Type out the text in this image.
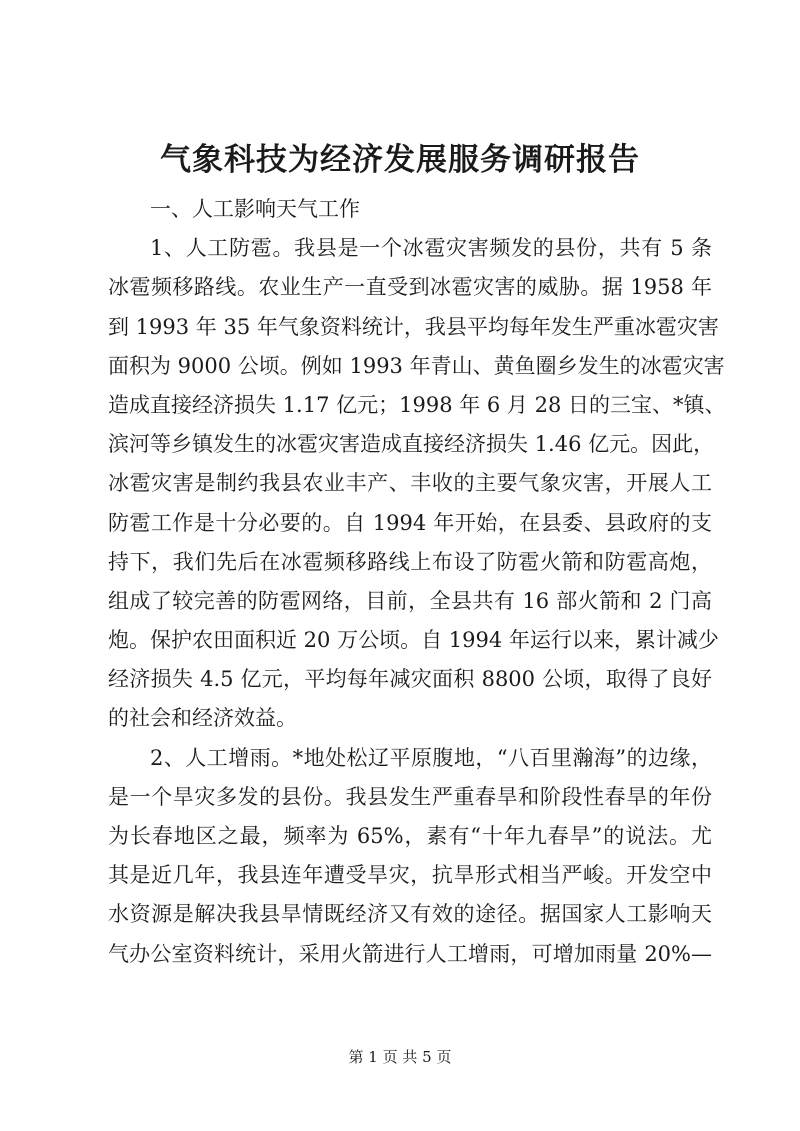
气象科技为经济发展服务调研报告
一、人工影响天气工作
1、人工防雹。我县是一个冰雹灾害频发的县份，共有 5 条
冰雹频移路线。农业生产一直受到冰雹灾害的威胁。据 1958 年
到 1993 年 35 年气象资料统计，我县平均每年发生严重冰雹灾害
面积为 9000 公顷。例如 1993 年青山、黄鱼圈乡发生的冰雹灾害
造成直接经济损失 1.17 亿元；1998 年 6 月 28 日的三宝、*镇、
滨河等乡镇发生的冰雹灾害造成直接经济损失 1.46 亿元。因此，
冰雹灾害是制约我县农业丰产、丰收的主要气象灾害，开展人工
防雹工作是十分必要的。自 1994 年开始，在县委、县政府的支
持下，我们先后在冰雹频移路线上布设了防雹火箭和防雹高炮，
组成了较完善的防雹网络，目前，全县共有 16 部火箭和 2 门高
炮。保护农田面积近 20 万公顷。自 1994 年运行以来，累计减少
经济损失 4.5 亿元，平均每年减灾面积 8800 公顷，取得了良好
的社会和经济效益。
2、人工增雨。*地处松辽平原腹地，“八百里瀚海”的边缘，
是一个旱灾多发的县份。我县发生严重春旱和阶段性春旱的年份
为长春地区之最，频率为 65%，素有“十年九春旱”的说法。尤
其是近几年，我县连年遭受旱灾，抗旱形式相当严峻。开发空中
水资源是解决我县旱情既经济又有效的途径。据国家人工影响天
气办公室资料统计，采用火箭进行人工增雨，可增加雨量 20%—
第 1 页 共 5 页
